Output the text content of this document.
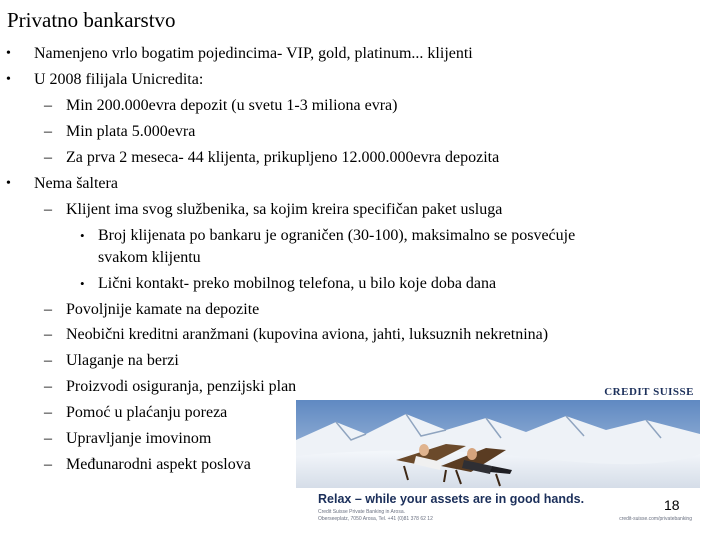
Privatno bankarstvo
• Namenjeno vrlo bogatim pojedincima- VIP, gold, platinum... klijenti
• U 2008 filijala Unicredita:
– Min 200.000evra depozit (u svetu 1-3 miliona evra)
– Min plata 5.000evra
– Za prva 2 meseca- 44 klijenta, prikupljeno 12.000.000evra depozita
• Nema šaltera
– Klijent ima svog službenika, sa kojim kreira specifičan paket usluga
• Broj klijenata po bankaru je ograničen (30-100), maksimalno se posvećuje
svakom klijentu
• Lični kontakt- preko mobilnog telefona, u bilo koje doba dana
– Povoljnije kamate na depozite
– Neobični kreditni aranžmani (kupovina aviona, jahti, luksuznih nekretnina)
– Ulaganje na berzi
– Proizvodi osiguranja, penzijski plan
– Pomoć u plaćanju poreza
– Upravljanje imovinom
– Međunarodni aspekt poslova
CREDIT SUISSE
Relax – while your assets are in good hands.
Credit Suisse Private Banking in Arosa.
Oberseeplatz, 7050 Arosa, Tel. +41 (0)81 378 62 12	credit-suisse.com/privatebanking
18
